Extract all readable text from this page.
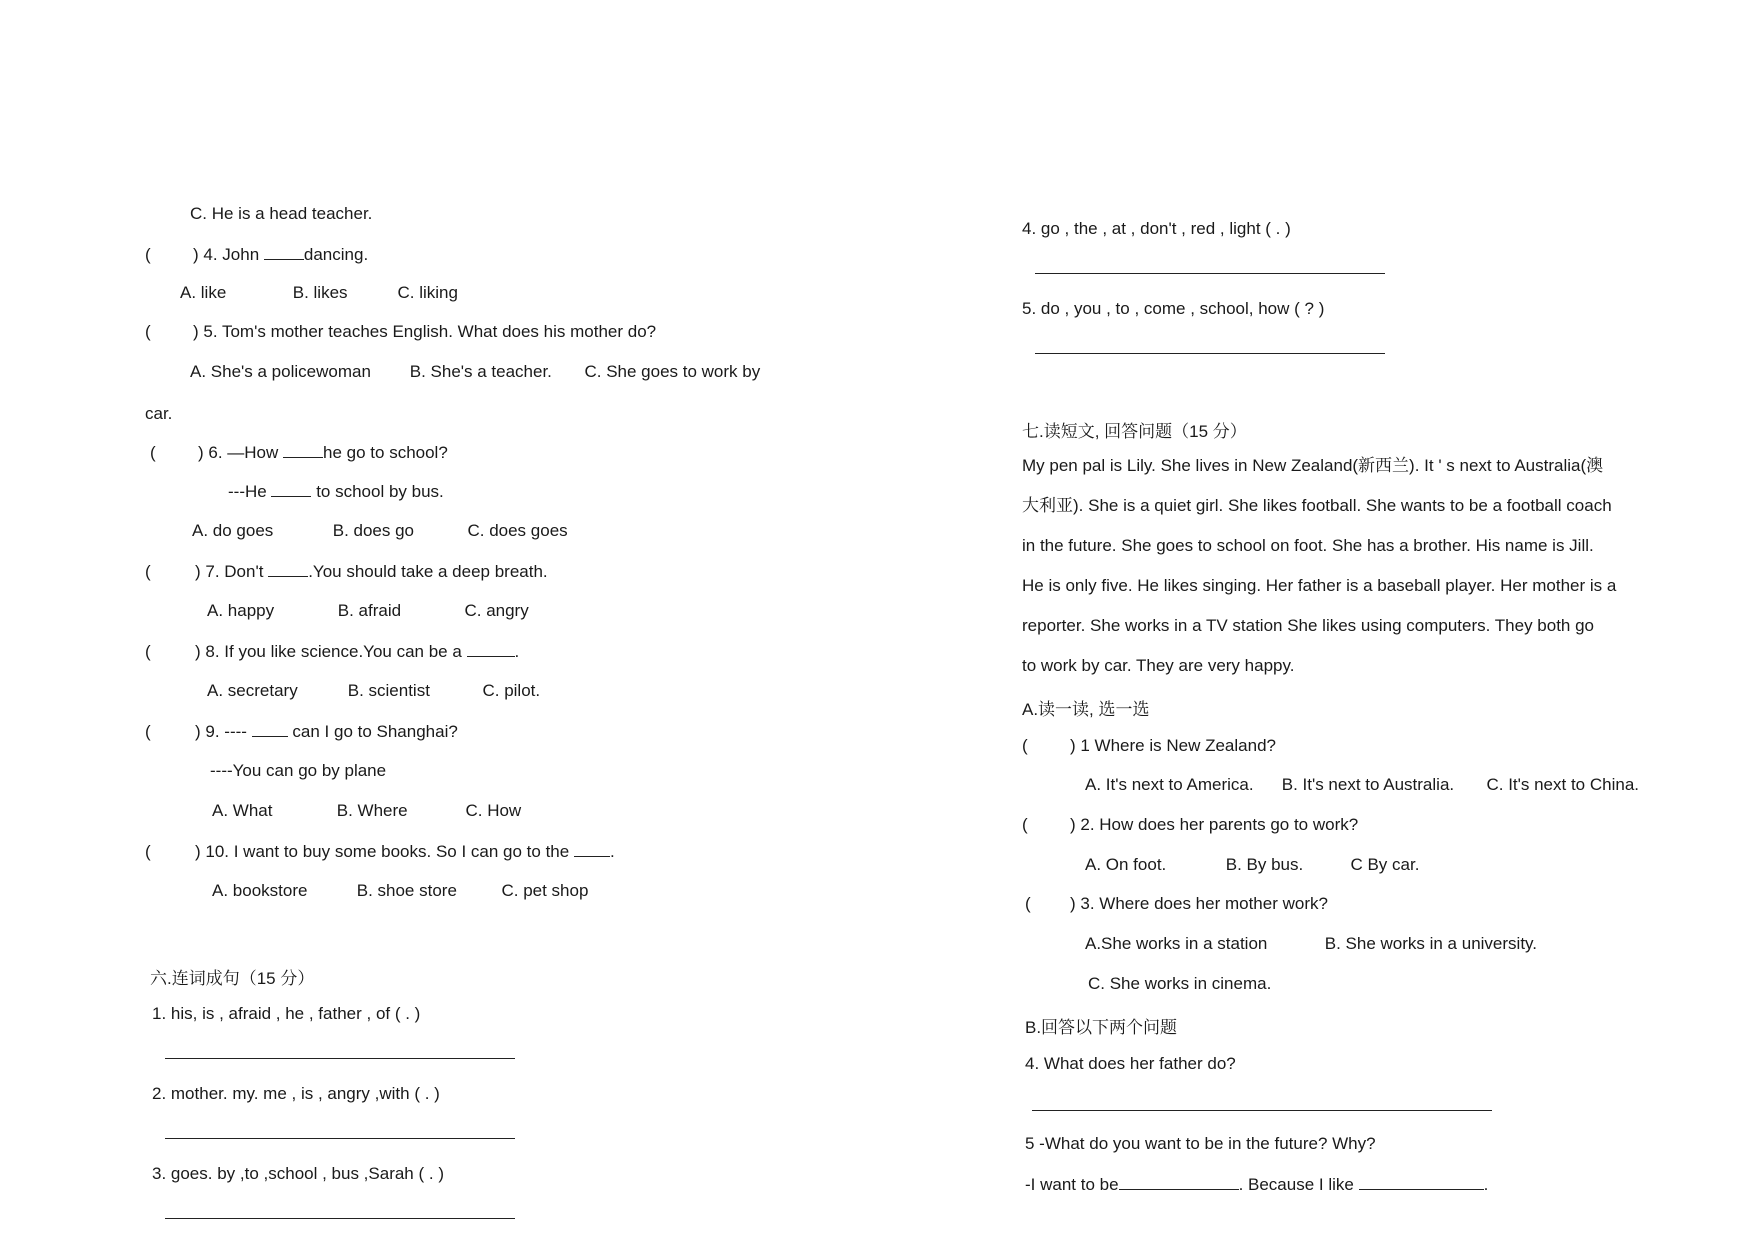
C. He is a head teacher.
( ) 4. John	dancing.
A. like	B. likes	C. liking
( ) 5. Tom's mother teaches English. What does his mother do?
A. She's a policewoman B. She's a teacher. C. She goes to work by
car.
( ) 6. —How	he go to school?
---He	to school by bus.
A. do goes	B. does go	C. does goes
(	) 7. Don't	.You should take a deep breath.
A. happy	B. afraid	C. angry
(	) 8. If you like science.You can be a	.
A. secretary	B. scientist	C. pilot.
(	) 9. ----	can I go to Shanghai?
----You can go by plane
A. What	B. Where	C. How
(	) 10. I want to buy some books. So I can go to the .
A. bookstore	B. shoe store	C. pet shop
六.连词成句（15 分）
1. his, is , afraid , he , father , of ( . )
2. mother. my. me , is , angry ,with ( . )
3. goes. by ,to ,school , bus ,Sarah ( . )
4. go , the , at , don't , red , light ( . )
5. do , you , to , come , school, how ( ? )
七.读短文, 回答问题（15 分）
My pen pal is Lily. She lives in New Zealand(新西兰). It ' s next to Australia(澳
大利亚). She is a quiet girl. She likes football. She wants to be a football coach
in the future. She goes to school on foot. She has a brother. His name is Jill.
He is only five. He likes singing. Her father is a baseball player. Her mother is a
reporter. She works in a TV station She likes using computers. They both go
to work by car. They are very happy.
A.读一读, 选一选
( ) 1 Where is New Zealand?
A. It's next to America. B. It's next to Australia. C. It's next to China.
( ) 2. How does her parents go to work?
A. On foot.	B. By bus.	C By car.
( ) 3. Where does her mother work?
A.She works in a station	B. She works in a university.
C. She works in cinema.
B.回答以下两个问题
4. What does her father do?
5 -What do you want to be in the future? Why?
-I want to be	. Because I like	.
